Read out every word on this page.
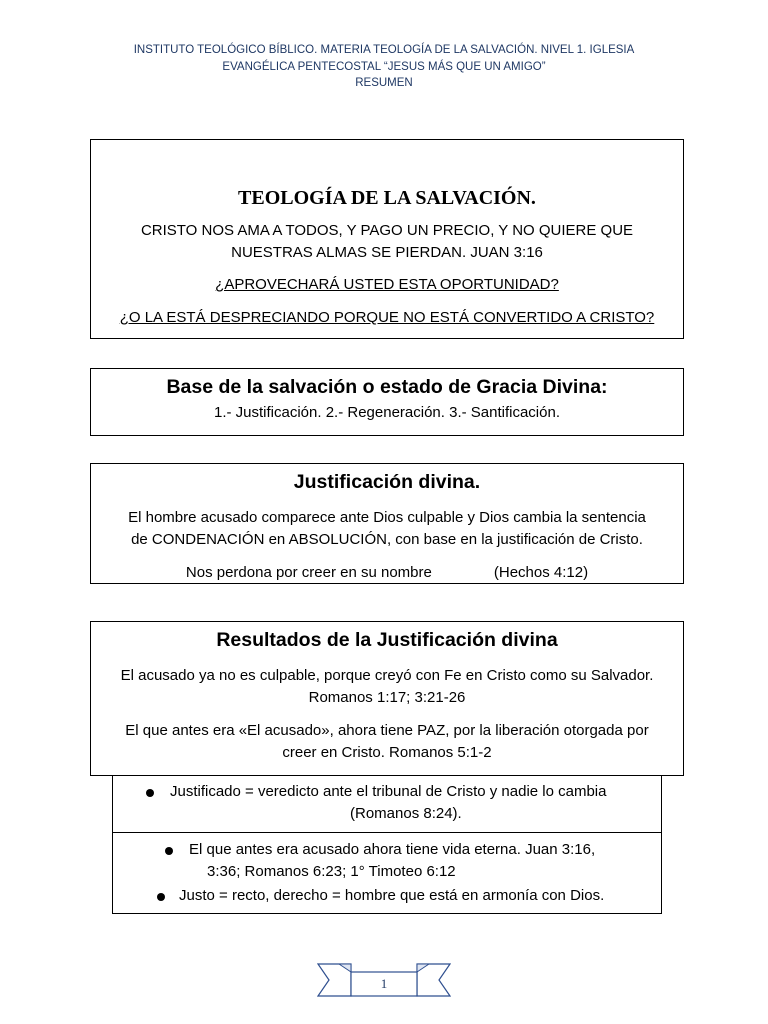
INSTITUTO TEOLÓGICO BÍBLICO. MATERIA TEOLOGÍA DE LA SALVACIÓN. NIVEL 1. IGLESIA
EVANGÉLICA PENTECOSTAL “JESUS MÁS QUE UN AMIGO”
RESUMEN
TEOLOGÍA DE LA SALVACIÓN.
CRISTO NOS AMA A TODOS, Y PAGO UN PRECIO, Y NO QUIERE QUE
NUESTRAS ALMAS SE PIERDAN. JUAN 3:16
¿APROVECHARÁ USTED ESTA OPORTUNIDAD?
¿O LA ESTÁ DESPRECIANDO PORQUE NO ESTÁ CONVERTIDO A CRISTO?
Base de la salvación o estado de Gracia Divina:
1.- Justificación. 2.- Regeneración. 3.- Santificación.
Justificación divina.
El hombre acusado comparece ante Dios culpable y Dios cambia la sentencia
de CONDENACIÓN en ABSOLUCIÓN, con base en la justificación de Cristo.
Nos perdona por creer en su nombre	(Hechos 4:12)
Resultados de la Justificación divina
El acusado ya no es culpable, porque creyó con Fe en Cristo como su Salvador.
Romanos 1:17; 3:21-26
El que antes era «El acusado», ahora tiene PAZ, por la liberación otorgada por
creer en Cristo. Romanos 5:1-2
Justificado = veredicto ante el tribunal de Cristo y nadie lo cambia
(Romanos 8:24).
El que antes era acusado ahora tiene vida eterna. Juan 3:16,
3:36; Romanos 6:23; 1° Timoteo 6:12
Justo = recto, derecho = hombre que está en armonía con Dios.
1
